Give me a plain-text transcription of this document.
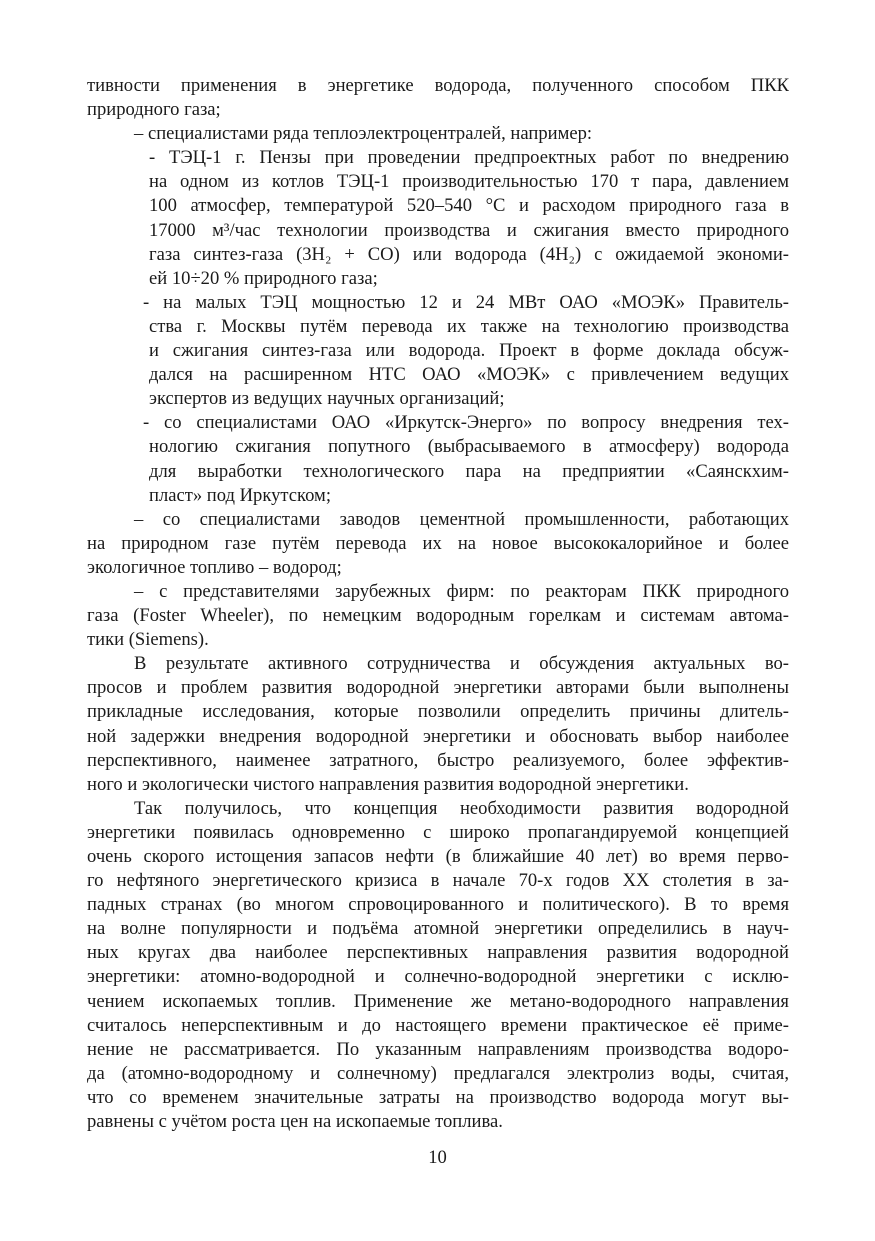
тивности применения в энергетике водорода, полученного способом ПКК
природного газа;
– специалистами ряда теплоэлектроцентралей, например:
- ТЭЦ-1 г. Пензы при проведении предпроектных работ по внедрению
на одном из котлов ТЭЦ-1 производительностью 170 т пара, давлением
100 атмосфер, температурой 520–540 °С и расходом природного газа в
17000 м³/час технологии производства и сжигания вместо природного
газа синтез-газа (3H₂ + CO) или водорода (4H₂) с ожидаемой экономи-
ей 10÷20 % природного газа;
- на малых ТЭЦ мощностью 12 и 24 МВт ОАО «МОЭК» Правитель-
ства г. Москвы путём перевода их также на технологию производства
и сжигания синтез-газа или водорода. Проект в форме доклада обсуж-
дался на расширенном НТС ОАО «МОЭК» с привлечением ведущих
экспертов из ведущих научных организаций;
- со специалистами ОАО «Иркутск-Энерго» по вопросу внедрения тех-
нологию сжигания попутного (выбрасываемого в атмосферу) водорода
для выработки технологического пара на предприятии «Саянскхим-
пласт» под Иркутском;
– со специалистами заводов цементной промышленности, работающих
на природном газе путём перевода их на новое высококалорийное и более
экологичное топливо – водород;
– с представителями зарубежных фирм: по реакторам ПКК природного
газа (Foster Wheeler), по немецким водородным горелкам и системам автома-
тики (Siemens).
В результате активного сотрудничества и обсуждения актуальных во-
просов и проблем развития водородной энергетики авторами были выполнены
прикладные исследования, которые позволили определить причины длитель-
ной задержки внедрения водородной энергетики и обосновать выбор наиболее
перспективного, наименее затратного, быстро реализуемого, более эффектив-
ного и экологически чистого направления развития водородной энергетики.
Так получилось, что концепция необходимости развития водородной
энергетики появилась одновременно с широко пропагандируемой концепцией
очень скорого истощения запасов нефти (в ближайшие 40 лет) во время перво-
го нефтяного энергетического кризиса в начале 70-х годов XX столетия в за-
падных странах (во многом спровоцированного и политического). В то время
на волне популярности и подъёма атомной энергетики определились в науч-
ных кругах два наиболее перспективных направления развития водородной
энергетики: атомно-водородной и солнечно-водородной энергетики с исклю-
чением ископаемых топлив. Применение же метано-водородного направления
считалось неперспективным и до настоящего времени практическое её приме-
нение не рассматривается. По указанным направлениям производства водоро-
да (атомно-водородному и солнечному) предлагался электролиз воды, считая,
что со временем значительные затраты на производство водорода могут вы-
равнены с учётом роста цен на ископаемые топлива.
10
